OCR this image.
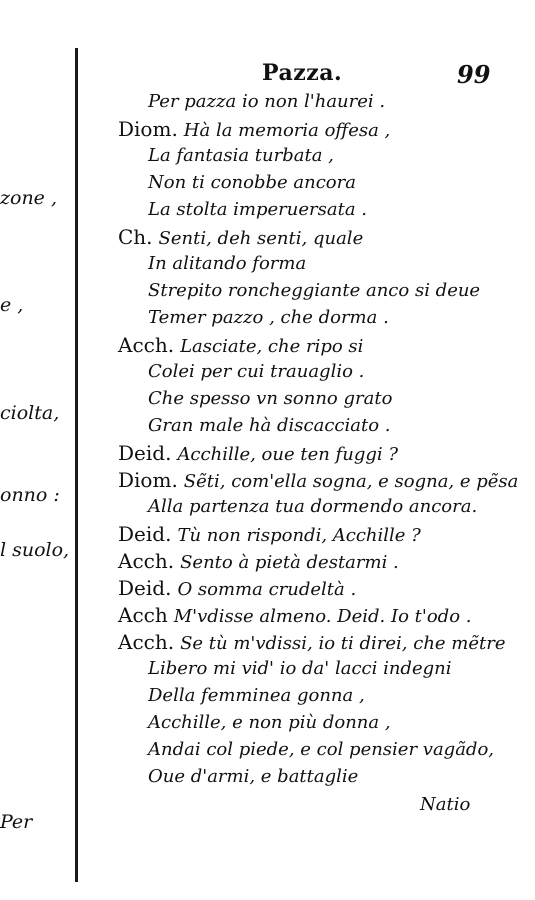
zone ,
e ,
ciolta,
onno :
l suolo,
Per
Pazza.	99
Per pazza io non l'haurei .
Diom. Hà la memoria offesa ,
La fantasia turbata ,
Non ti conobbe ancora
La stolta imperuersata .
Ch. Senti, deh senti, quale
In alitando forma
Strepito roncheggiante anco si deue
Temer pazzo , che dorma .
Acch. Lasciate, che ripo si
Colei per cui trauaglio .
Che spesso vn sonno grato
Gran male hà discacciato .
Deid. Acchille, oue ten fuggi ?
Diom. Sẽti, com'ella sogna, e sogna, e pẽsa
Alla partenza tua dormendo ancora.
Deid. Tù non rispondi, Acchille ?
Acch. Sento à pietà destarmi .
Deid. O somma crudeltà .
Acch M'vdisse almeno. Deid. Io t'odo .
Acch. Se tù m'vdissi, io ti direi, che mẽtre
Libero mi vid' io da' lacci indegni
Della femminea gonna ,
Acchille, e non più donna ,
Andai col piede, e col pensier vagãdo,
Oue d'armi, e battaglie
Natio
